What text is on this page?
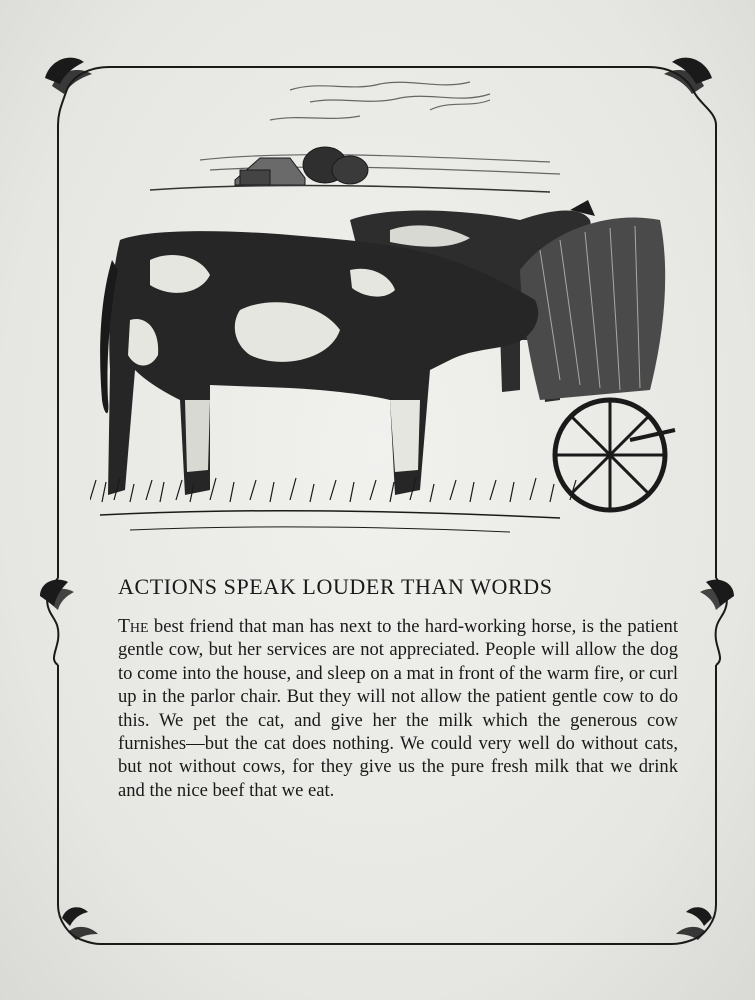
ACTIONS SPEAK LOUDER THAN WORDS
The best friend that man has next to the hard-working horse, is the patient gentle cow, but her services are not appreciated. People will allow the dog to come into the house, and sleep on a mat in front of the warm fire, or curl up in the parlor chair. But they will not allow the patient gentle cow to do this. We pet the cat, and give her the milk which the generous cow furnishes—but the cat does nothing. We could very well do without cats, but not without cows, for they give us the pure fresh milk that we drink and the nice beef that we eat.
